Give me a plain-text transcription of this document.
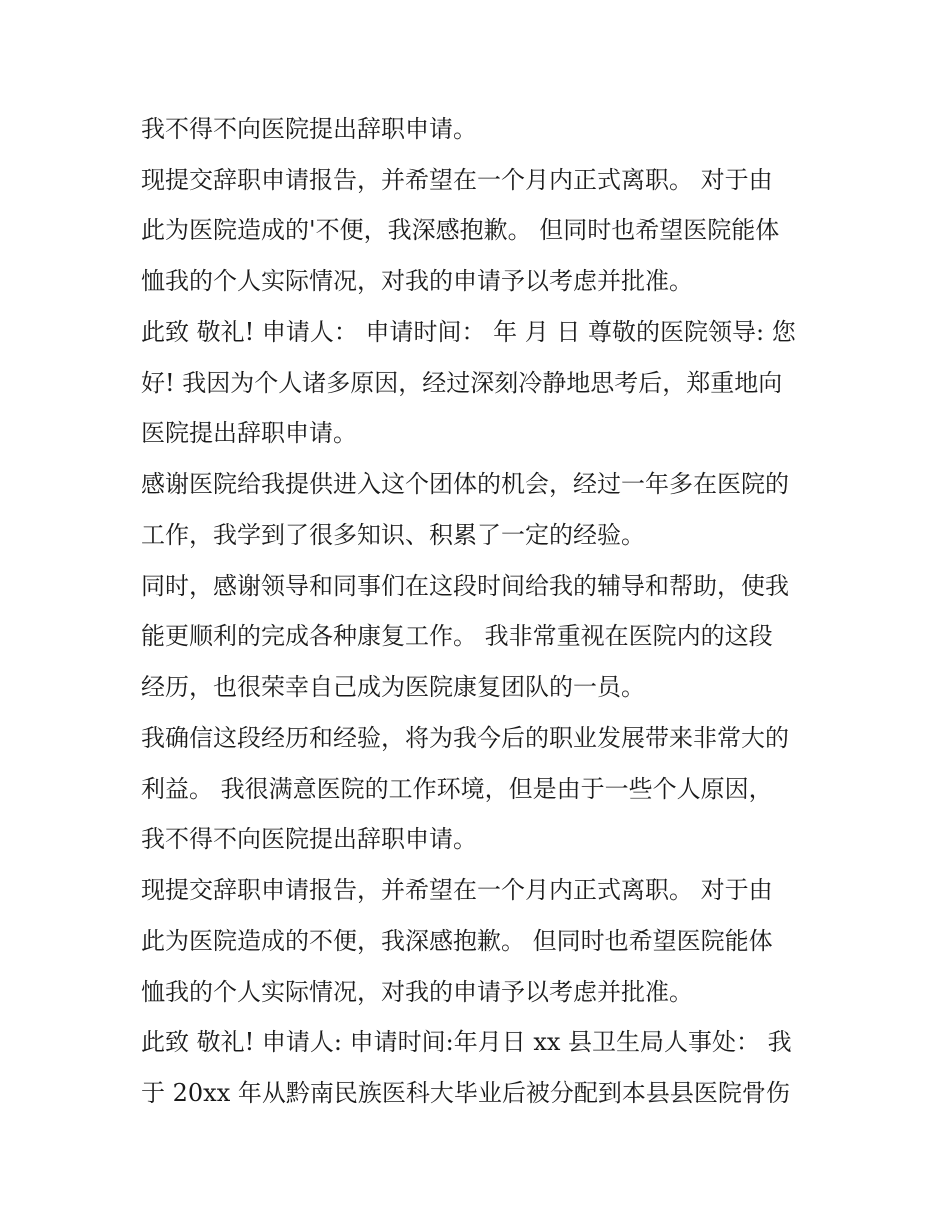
我不得不向医院提出辞职申请。
现提交辞职申请报告，并希望在一个月内正式离职。 对于由
此为医院造成的'不便，我深感抱歉。 但同时也希望医院能体
恤我的个人实际情况，对我的申请予以考虑并批准。
此致 敬礼! 申请人： 申请时间： 年 月 日 尊敬的医院领导: 您
好! 我因为个人诸多原因，经过深刻冷静地思考后，郑重地向
医院提出辞职申请。
感谢医院给我提供进入这个团体的机会，经过一年多在医院的
工作，我学到了很多知识、积累了一定的经验。
同时，感谢领导和同事们在这段时间给我的辅导和帮助，使我
能更顺利的完成各种康复工作。 我非常重视在医院内的这段
经历，也很荣幸自己成为医院康复团队的一员。
我确信这段经历和经验，将为我今后的职业发展带来非常大的
利益。 我很满意医院的工作环境，但是由于一些个人原因，
我不得不向医院提出辞职申请。
现提交辞职申请报告，并希望在一个月内正式离职。 对于由
此为医院造成的不便，我深感抱歉。 但同时也希望医院能体
恤我的个人实际情况，对我的申请予以考虑并批准。
此致 敬礼! 申请人: 申请时间:年月日 xx 县卫生局人事处： 我
于 20xx 年从黔南民族医科大毕业后被分配到本县县医院骨伤
